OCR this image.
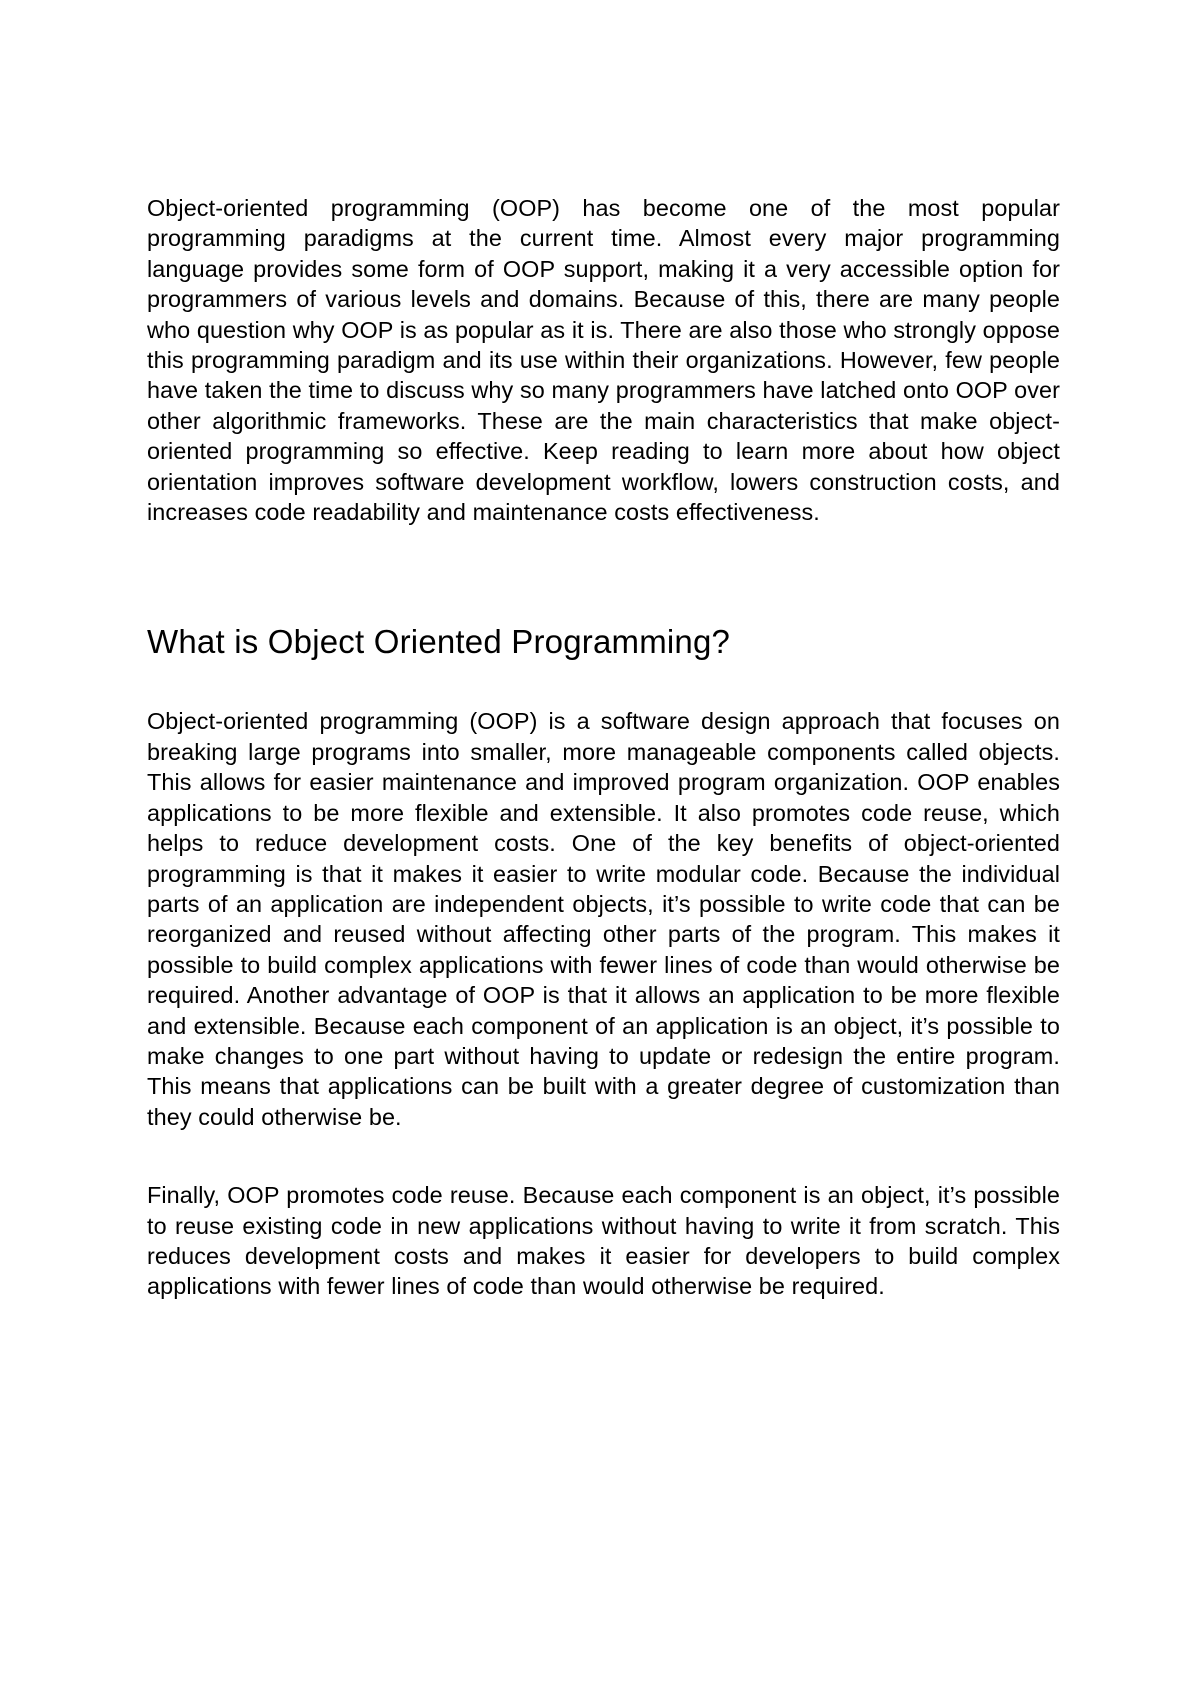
Object-oriented programming (OOP) has become one of the most popular programming paradigms at the current time. Almost every major programming language provides some form of OOP support, making it a very accessible option for programmers of various levels and domains. Because of this, there are many people who question why OOP is as popular as it is. There are also those who strongly oppose this programming paradigm and its use within their organizations. However, few people have taken the time to discuss why so many programmers have latched onto OOP over other algorithmic frameworks. These are the main characteristics that make object-oriented programming so effective. Keep reading to learn more about how object orientation improves software development workflow, lowers construction costs, and increases code readability and maintenance costs effectiveness.

What is Object Oriented Programming?

Object-oriented programming (OOP) is a software design approach that focuses on breaking large programs into smaller, more manageable components called objects. This allows for easier maintenance and improved program organization. OOP enables applications to be more flexible and extensible. It also promotes code reuse, which helps to reduce development costs. One of the key benefits of object-oriented programming is that it makes it easier to write modular code. Because the individual parts of an application are independent objects, it’s possible to write code that can be reorganized and reused without affecting other parts of the program. This makes it possible to build complex applications with fewer lines of code than would otherwise be required. Another advantage of OOP is that it allows an application to be more flexible and extensible. Because each component of an application is an object, it’s possible to make changes to one part without having to update or redesign the entire program. This means that applications can be built with a greater degree of customization than they could otherwise be.

Finally, OOP promotes code reuse. Because each component is an object, it’s possible to reuse existing code in new applications without having to write it from scratch. This reduces development costs and makes it easier for developers to build complex applications with fewer lines of code than would otherwise be required.
